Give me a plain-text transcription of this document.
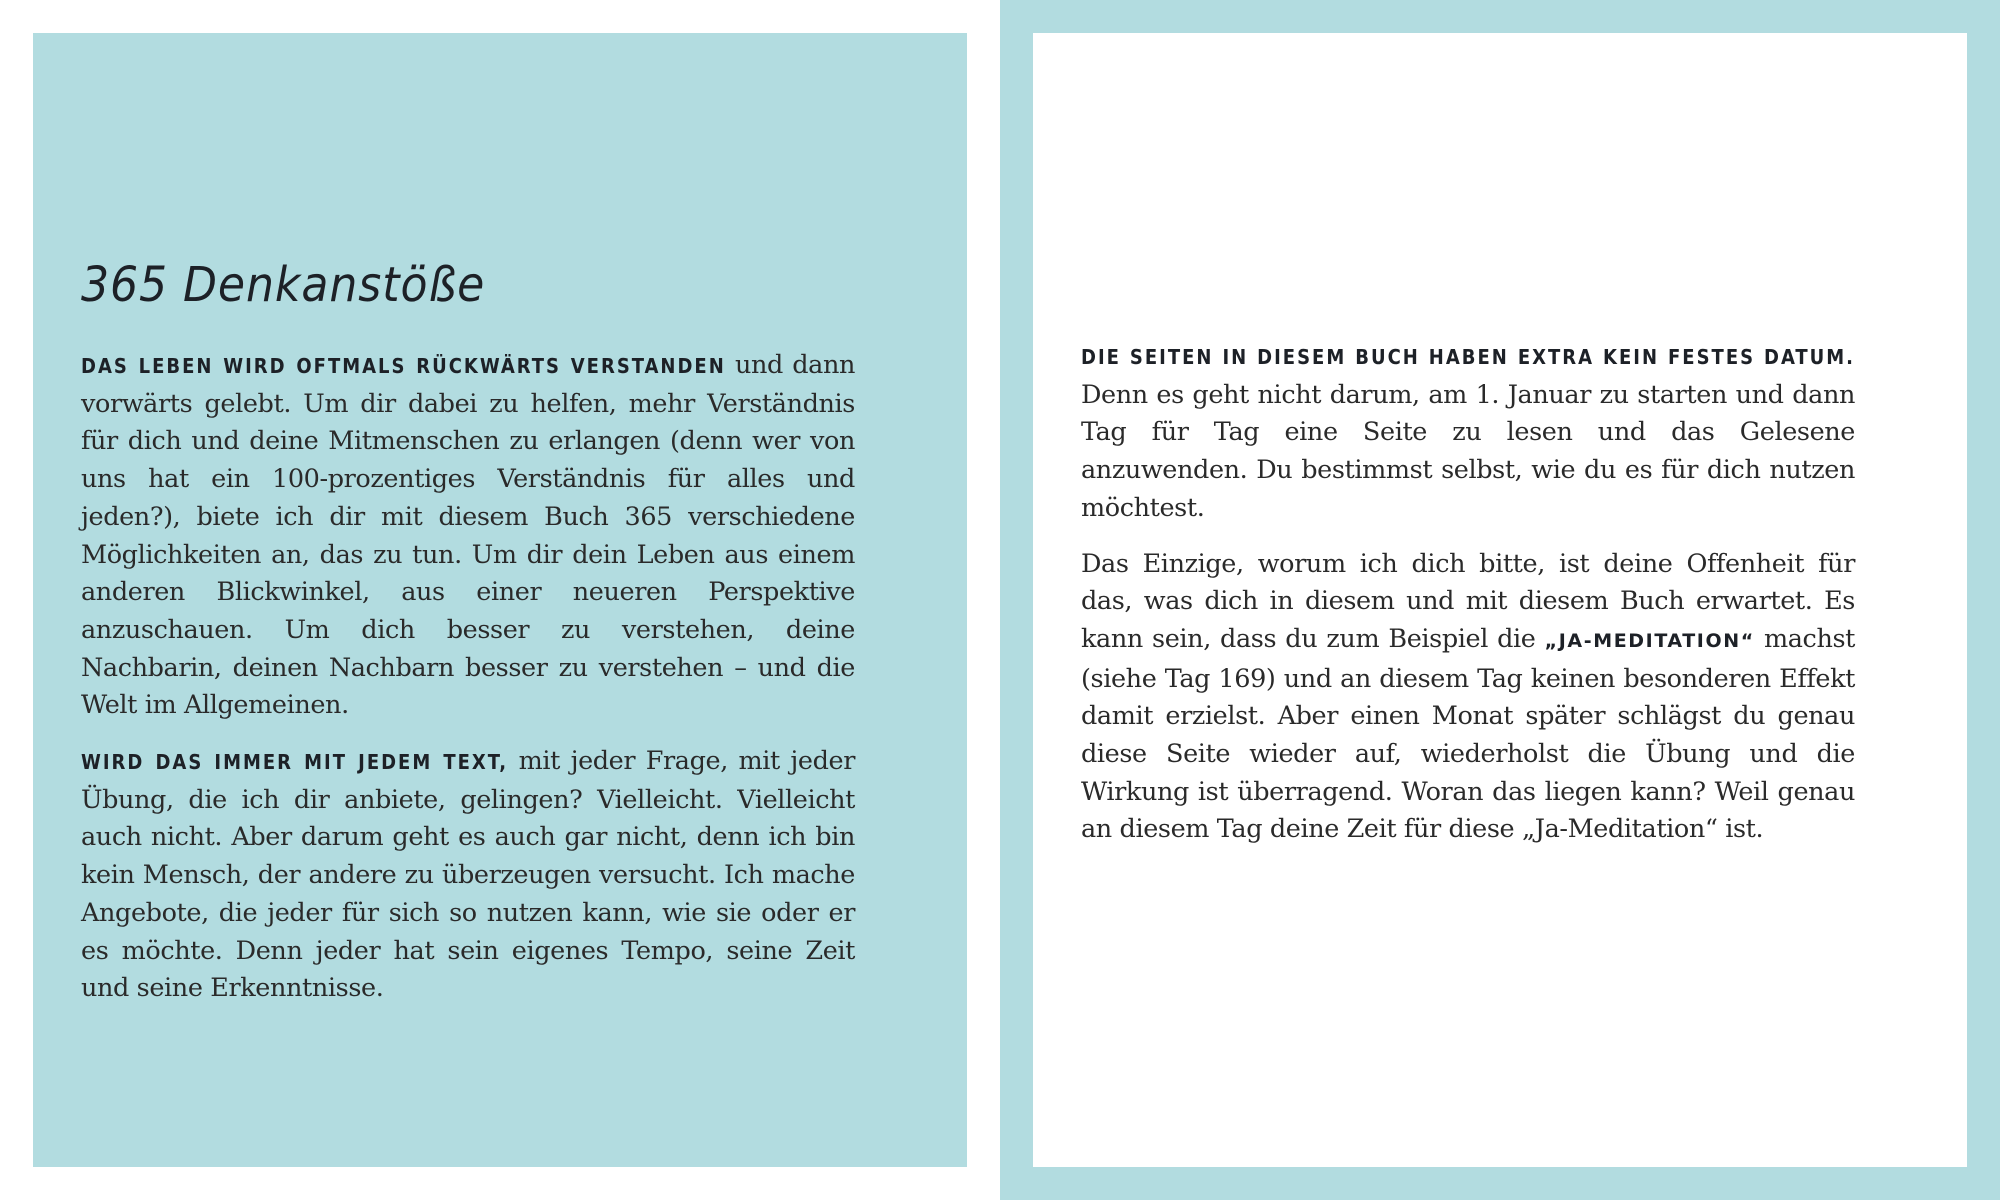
365 Denkanstöße

DAS LEBEN WIRD OFTMALS RÜCKWÄRTS VERSTANDEN und dann vorwärts gelebt. Um dir dabei zu helfen, mehr Verständnis für dich und deine Mitmenschen zu erlangen (denn wer von uns hat ein 100-prozentiges Verständnis für alles und jeden?), biete ich dir mit diesem Buch 365 verschiedene Möglichkeiten an, das zu tun. Um dir dein Leben aus einem anderen Blickwinkel, aus einer neueren Perspektive anzuschauen. Um dich besser zu verstehen, deine Nachbarin, deinen Nachbarn besser zu verstehen – und die Welt im Allgemeinen.

WIRD DAS IMMER MIT JEDEM TEXT, mit jeder Frage, mit jeder Übung, die ich dir anbiete, gelingen? Vielleicht. Vielleicht auch nicht. Aber darum geht es auch gar nicht, denn ich bin kein Mensch, der andere zu überzeugen versucht. Ich mache Angebote, die jeder für sich so nutzen kann, wie sie oder er es möchte. Denn jeder hat sein eigenes Tempo, seine Zeit und seine Erkenntnisse.

DIE SEITEN IN DIESEM BUCH HABEN EXTRA KEIN FESTES DATUM. Denn es geht nicht darum, am 1. Januar zu starten und dann Tag für Tag eine Seite zu lesen und das Gelesene anzuwenden. Du bestimmst selbst, wie du es für dich nutzen möchtest.

Das Einzige, worum ich dich bitte, ist deine Offenheit für das, was dich in diesem und mit diesem Buch erwartet. Es kann sein, dass du zum Beispiel die „JA-MEDITATION“ machst (siehe Tag 169) und an diesem Tag keinen besonderen Effekt damit erzielst. Aber einen Monat später schlägst du genau diese Seite wieder auf, wiederholst die Übung und die Wirkung ist überragend. Woran das liegen kann? Weil genau an diesem Tag deine Zeit für diese „Ja-Meditation“ ist.
